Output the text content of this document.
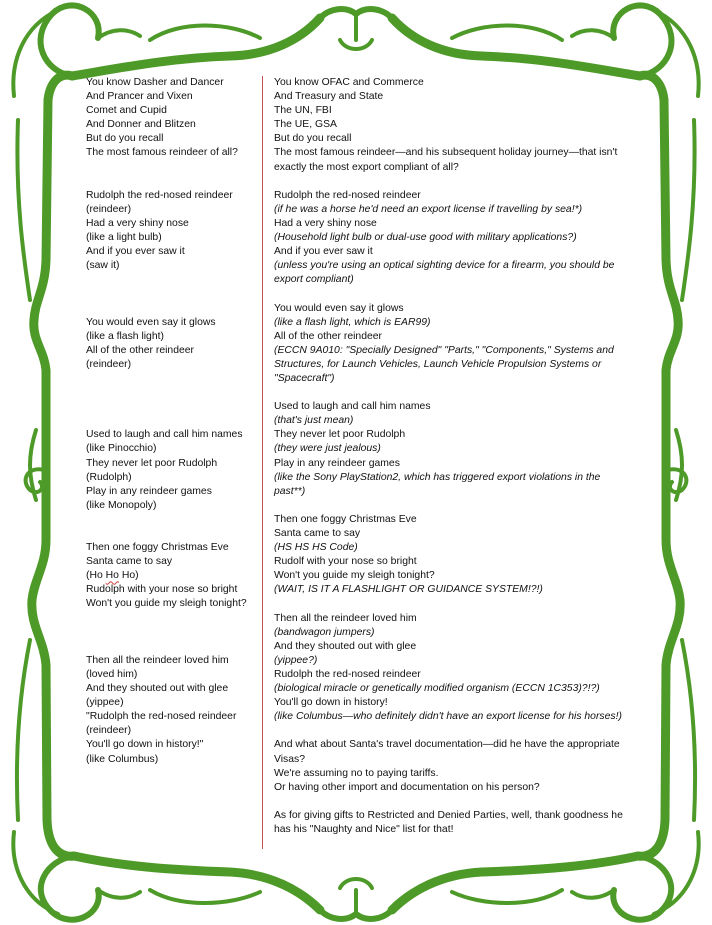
You know Dasher and Dancer
And Prancer and Vixen
Comet and Cupid
And Donner and Blitzen
But do you recall
The most famous reindeer of all?
Rudolph the red-nosed reindeer
(reindeer)
Had a very shiny nose
(like a light bulb)
And if you ever saw it
(saw it)
You would even say it glows
(like a flash light)
All of the other reindeer
(reindeer)
Used to laugh and call him names
(like Pinocchio)
They never let poor Rudolph
(Rudolph)
Play in any reindeer games
(like Monopoly)
Then one foggy Christmas Eve
Santa came to say
(Ho Ho Ho)
Rudolph with your nose so bright
Won't you guide my sleigh tonight?
Then all the reindeer loved him
(loved him)
And they shouted out with glee
(yippee)
"Rudolph the red-nosed reindeer
(reindeer)
You'll go down in history!"
(like Columbus)
You know OFAC and Commerce
And Treasury and State
The UN, FBI
The UE, GSA
But do you recall
The most famous reindeer—and his subsequent holiday journey—that isn't exactly the most export compliant of all?
Rudolph the red-nosed reindeer
(if he was a horse he'd need an export license if travelling by sea!*)
Had a very shiny nose
(Household light bulb or dual-use good with military applications?)
And if you ever saw it
(unless you're using an optical sighting device for a firearm, you should be export compliant)
You would even say it glows
(like a flash light, which is EAR99)
All of the other reindeer
(ECCN 9A010: "Specially Designed" "Parts," "Components," Systems and Structures, for Launch Vehicles, Launch Vehicle Propulsion Systems or "Spacecraft")
Used to laugh and call him names
(that's just mean)
They never let poor Rudolph
(they were just jealous)
Play in any reindeer games
(like the Sony PlayStation2, which has triggered export violations in the past**)
Then one foggy Christmas Eve
Santa came to say
(HS HS HS Code)
Rudolf with your nose so bright
Won't you guide my sleigh tonight?
(WAIT, IS IT A FLASHLIGHT OR GUIDANCE SYSTEM!?!)
Then all the reindeer loved him
(bandwagon jumpers)
And they shouted out with glee
(yippee?)
Rudolph the red-nosed reindeer
(biological miracle or genetically modified organism (ECCN 1C353)?!?)
You'll go down in history!
(like Columbus—who definitely didn't have an export license for his horses!)
And what about Santa's travel documentation—did he have the appropriate Visas?
We're assuming no to paying tariffs.
Or having other import and documentation on his person?
As for giving gifts to Restricted and Denied Parties, well, thank goodness he has his "Naughty and Nice" list for that!
